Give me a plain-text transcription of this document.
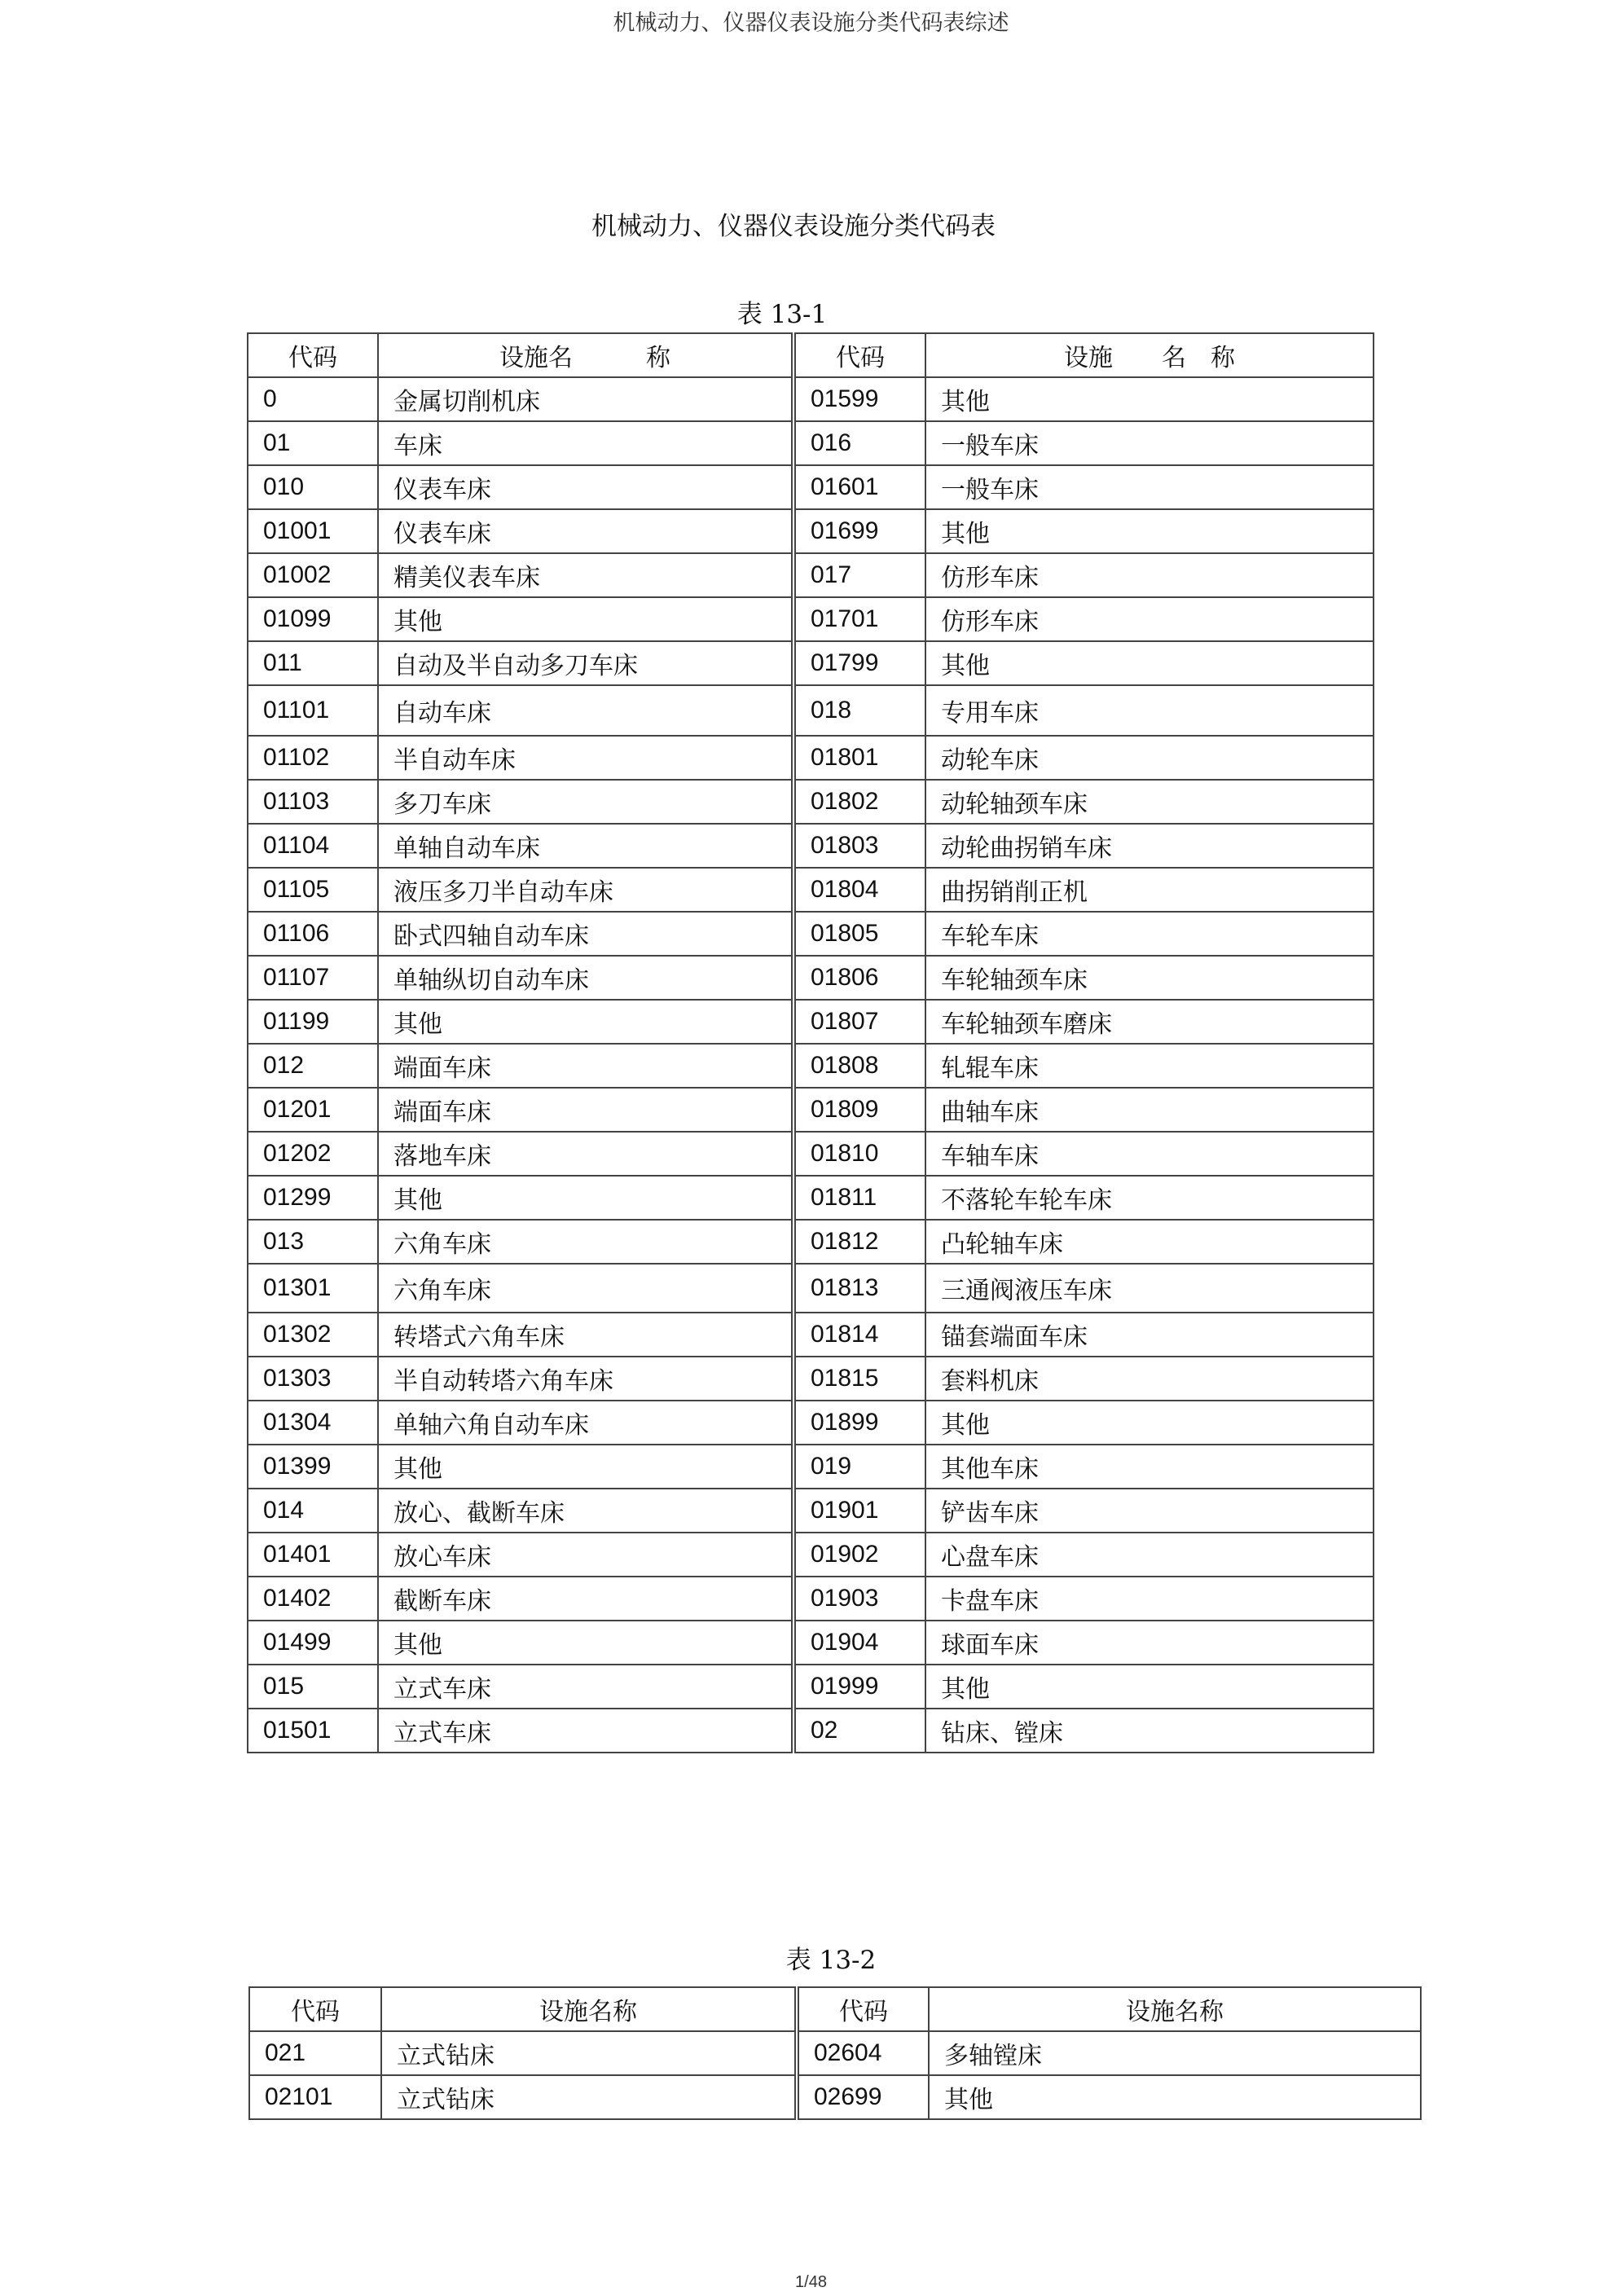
机械动力、仪器仪表设施分类代码表综述
机械动力、仪器仪表设施分类代码表
表 13-1
代码	设施名　　　称	代码	设施　　名　称
0	金属切削机床	01599	其他
01	车床	016	一般车床
010	仪表车床	01601	一般车床
01001	仪表车床	01699	其他
01002	精美仪表车床	017	仿形车床
01099	其他	01701	仿形车床
011	自动及半自动多刀车床	01799	其他
01101	自动车床	018	专用车床
01102	半自动车床	01801	动轮车床
01103	多刀车床	01802	动轮轴颈车床
01104	单轴自动车床	01803	动轮曲拐销车床
01105	液压多刀半自动车床	01804	曲拐销削正机
01106	卧式四轴自动车床	01805	车轮车床
01107	单轴纵切自动车床	01806	车轮轴颈车床
01199	其他	01807	车轮轴颈车磨床
012	端面车床	01808	轧辊车床
01201	端面车床	01809	曲轴车床
01202	落地车床	01810	车轴车床
01299	其他	01811	不落轮车轮车床
013	六角车床	01812	凸轮轴车床
01301	六角车床	01813	三通阀液压车床
01302	转塔式六角车床	01814	锚套端面车床
01303	半自动转塔六角车床	01815	套料机床
01304	单轴六角自动车床	01899	其他
01399	其他	019	其他车床
014	放心、截断车床	01901	铲齿车床
01401	放心车床	01902	心盘车床
01402	截断车床	01903	卡盘车床
01499	其他	01904	球面车床
015	立式车床	01999	其他
01501	立式车床	02	钻床、镗床
表 13-2
代码	设施名称	代码	设施名称
021	立式钻床	02604	多轴镗床
02101	立式钻床	02699	其他
1/48
